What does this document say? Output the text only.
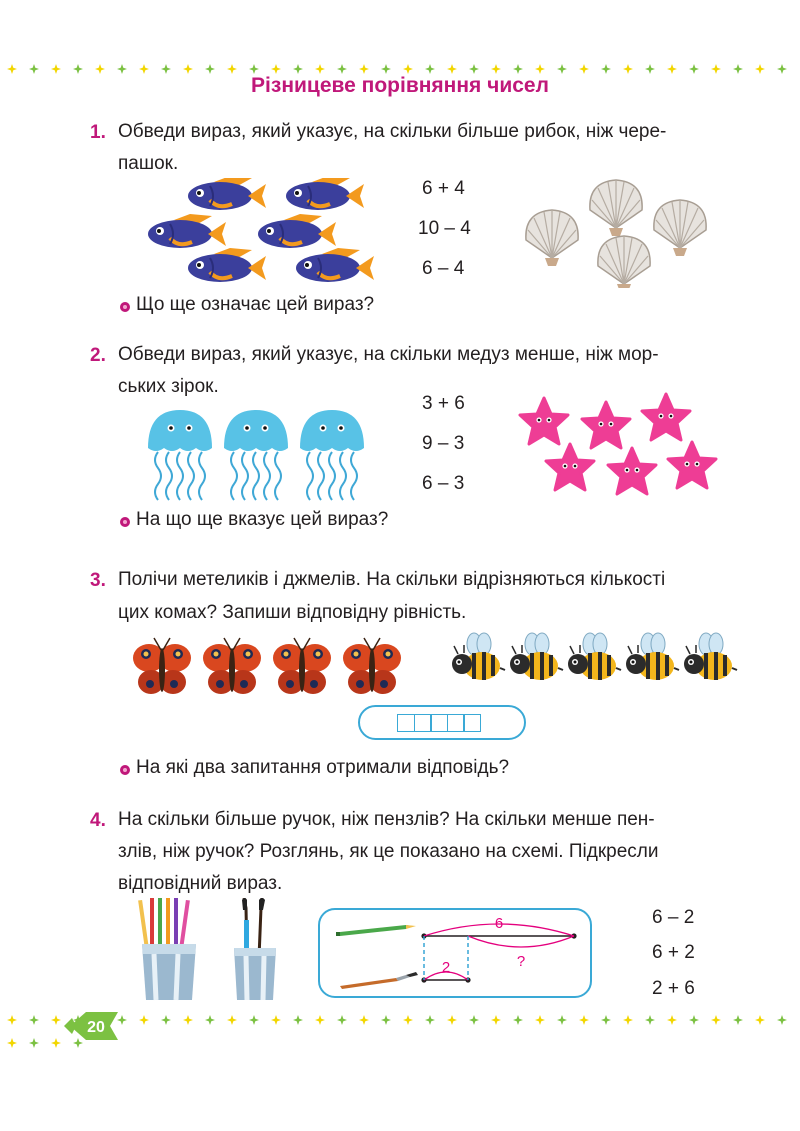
Різницеве порівняння чисел
1. Обведи вираз, який указує, на скільки більше рибок, ніж чере-
пашок.
6 + 4
10 – 4
6 – 4
Що ще означає цей вираз?
2. Обведи вираз, який указує, на скільки медуз менше, ніж мор-
ських зірок.
3 + 6
9 – 3
6 – 3
На що ще вказує цей вираз?
3. Полічи метеликів і джмелів. На скільки відрізняються кількості
цих комах? Запиши відповідну рівність.
На які два запитання отримали відповідь?
4. На скільки більше ручок, ніж пензлів? На скільки менше пен-
злів, ніж ручок? Розглянь, як це показано на схемі. Підкресли
відповідний вираз.
6
2	?
6 – 2
6 + 2
2 + 6
20
